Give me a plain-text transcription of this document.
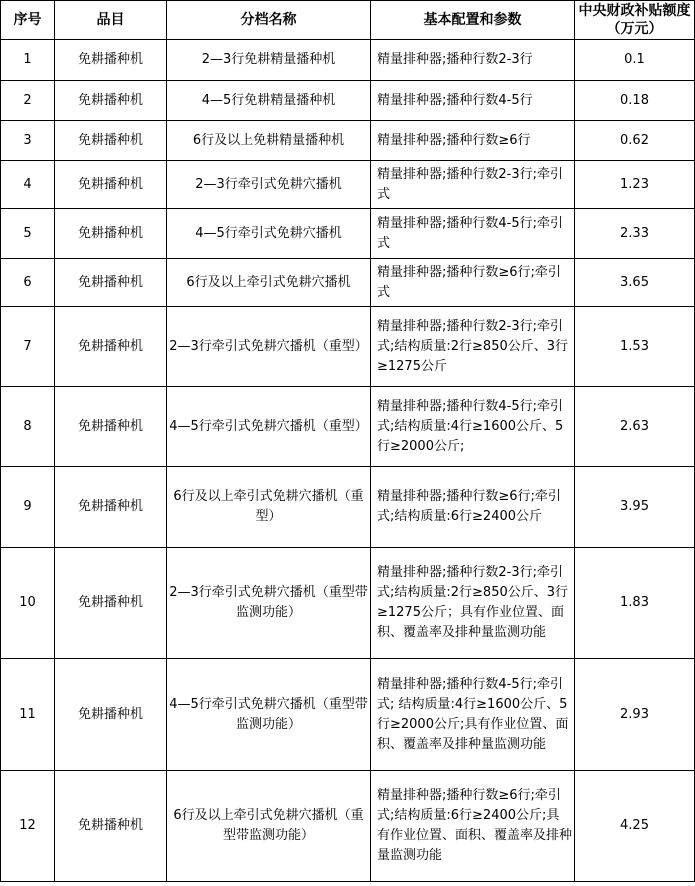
序号	品目	分档名称	基本配置和参数	中央财政补贴额度（万元）
1	免耕播种机	2—3行免耕精量播种机	精量排种器;播种行数2-3行	0.1
2	免耕播种机	4—5行免耕精量播种机	精量排种器;播种行数4-5行	0.18
3	免耕播种机	6行及以上免耕精量播种机	精量排种器;播种行数≥6行	0.62
4	免耕播种机	2—3行牵引式免耕穴播机	精量排种器;播种行数2-3行;牵引式	1.23
5	免耕播种机	4—5行牵引式免耕穴播机	精量排种器;播种行数4-5行;牵引式	2.33
6	免耕播种机	6行及以上牵引式免耕穴播机	精量排种器;播种行数≥6行;牵引式	3.65
7	免耕播种机	2—3行牵引式免耕穴播机（重型）	精量排种器;播种行数2-3行;牵引式;结构质量:2行≥850公斤、3行≥1275公斤	1.53
8	免耕播种机	4—5行牵引式免耕穴播机（重型）	精量排种器;播种行数4-5行;牵引式;结构质量:4行≥1600公斤、5行≥2000公斤;	2.63
9	免耕播种机	6行及以上牵引式免耕穴播机（重型）	精量排种器;播种行数≥6行;牵引式;结构质量:6行≥2400公斤	3.95
10	免耕播种机	2—3行牵引式免耕穴播机（重型带监测功能）	精量排种器;播种行数2-3行;牵引式;结构质量:2行≥850公斤、3行≥1275公斤；具有作业位置、面积、覆盖率及排种量监测功能	1.83
11	免耕播种机	4—5行牵引式免耕穴播机（重型带监测功能）	精量排种器;播种行数4-5行;牵引式; 结构质量:4行≥1600公斤、5行≥2000公斤;具有作业位置、面积、覆盖率及排种量监测功能	2.93
12	免耕播种机	6行及以上牵引式免耕穴播机（重型带监测功能）	精量排种器;播种行数≥6行;牵引式;结构质量:6行≥2400公斤;具有作业位置、面积、覆盖率及排种量监测功能	4.25
